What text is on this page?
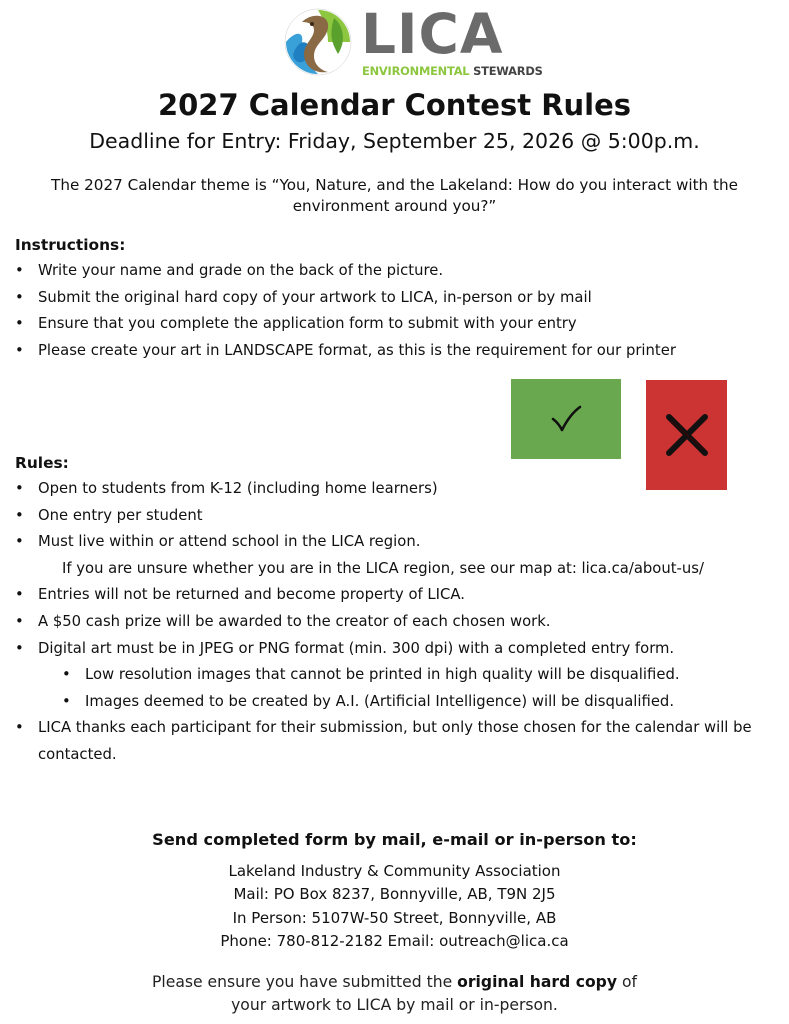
LICA
ENVIRONMENTAL STEWARDS
2027 Calendar Contest Rules
Deadline for Entry: Friday, September 25, 2026 @ 5:00p.m.
The 2027 Calendar theme is “You, Nature, and the Lakeland: How do you interact with the environment around you?”
Instructions:
• Write your name and grade on the back of the picture.
• Submit the original hard copy of your artwork to LICA, in-person or by mail
• Ensure that you complete the application form to submit with your entry
• Please create your art in LANDSCAPE format, as this is the requirement for our printer
Rules:
• Open to students from K-12 (including home learners)
• One entry per student
• Must live within or attend school in the LICA region.
If you are unsure whether you are in the LICA region, see our map at: lica.ca/about-us/
• Entries will not be returned and become property of LICA.
• A $50 cash prize will be awarded to the creator of each chosen work.
• Digital art must be in JPEG or PNG format (min. 300 dpi) with a completed entry form.
• Low resolution images that cannot be printed in high quality will be disqualified.
• Images deemed to be created by A.I. (Artificial Intelligence) will be disqualified.
• LICA thanks each participant for their submission, but only those chosen for the calendar will be contacted.
Send completed form by mail, e-mail or in-person to:
Lakeland Industry & Community Association
Mail: PO Box 8237, Bonnyville, AB, T9N 2J5
In Person: 5107W-50 Street, Bonnyville, AB
Phone: 780-812-2182 Email: outreach@lica.ca
Please ensure you have submitted the original hard copy of
your artwork to LICA by mail or in-person.
